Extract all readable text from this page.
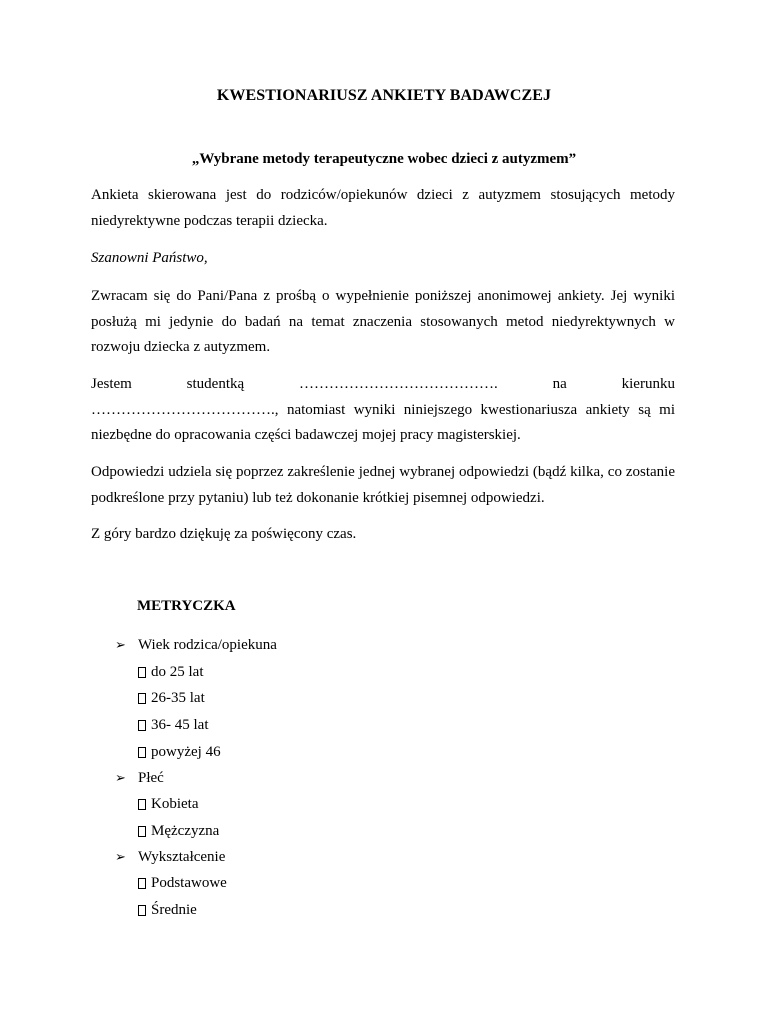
KWESTIONARIUSZ ANKIETY BADAWCZEJ
„Wybrane metody terapeutyczne wobec dzieci z autyzmem”
Ankieta skierowana jest do rodziców/opiekunów dzieci z autyzmem stosujących metody niedyrektywne podczas terapii dziecka.
Szanowni Państwo,
Zwracam się do Pani/Pana z prośbą o wypełnienie poniższej anonimowej ankiety. Jej wyniki posłużą mi jedynie do badań na temat znaczenia stosowanych metod niedyrektywnych w rozwoju dziecka z autyzmem.
Jestem	studentką	………………………………….	na	kierunku
………………………………., natomiast wyniki niniejszego kwestionariusza ankiety są mi niezbędne do opracowania części badawczej mojej pracy magisterskiej.
Odpowiedzi udziela się poprzez zakreślenie jednej wybranej odpowiedzi (bądź kilka, co zostanie podkreślone przy pytaniu) lub też dokonanie krótkiej pisemnej odpowiedzi.
Z góry bardzo dziękuję za poświęcony czas.
METRYCZKA
➢ Wiek rodzica/opiekuna
do 25 lat
26-35 lat
36- 45 lat
powyżej 46
➢ Płeć
Kobieta
Mężczyzna
➢ Wykształcenie
Podstawowe
Średnie
